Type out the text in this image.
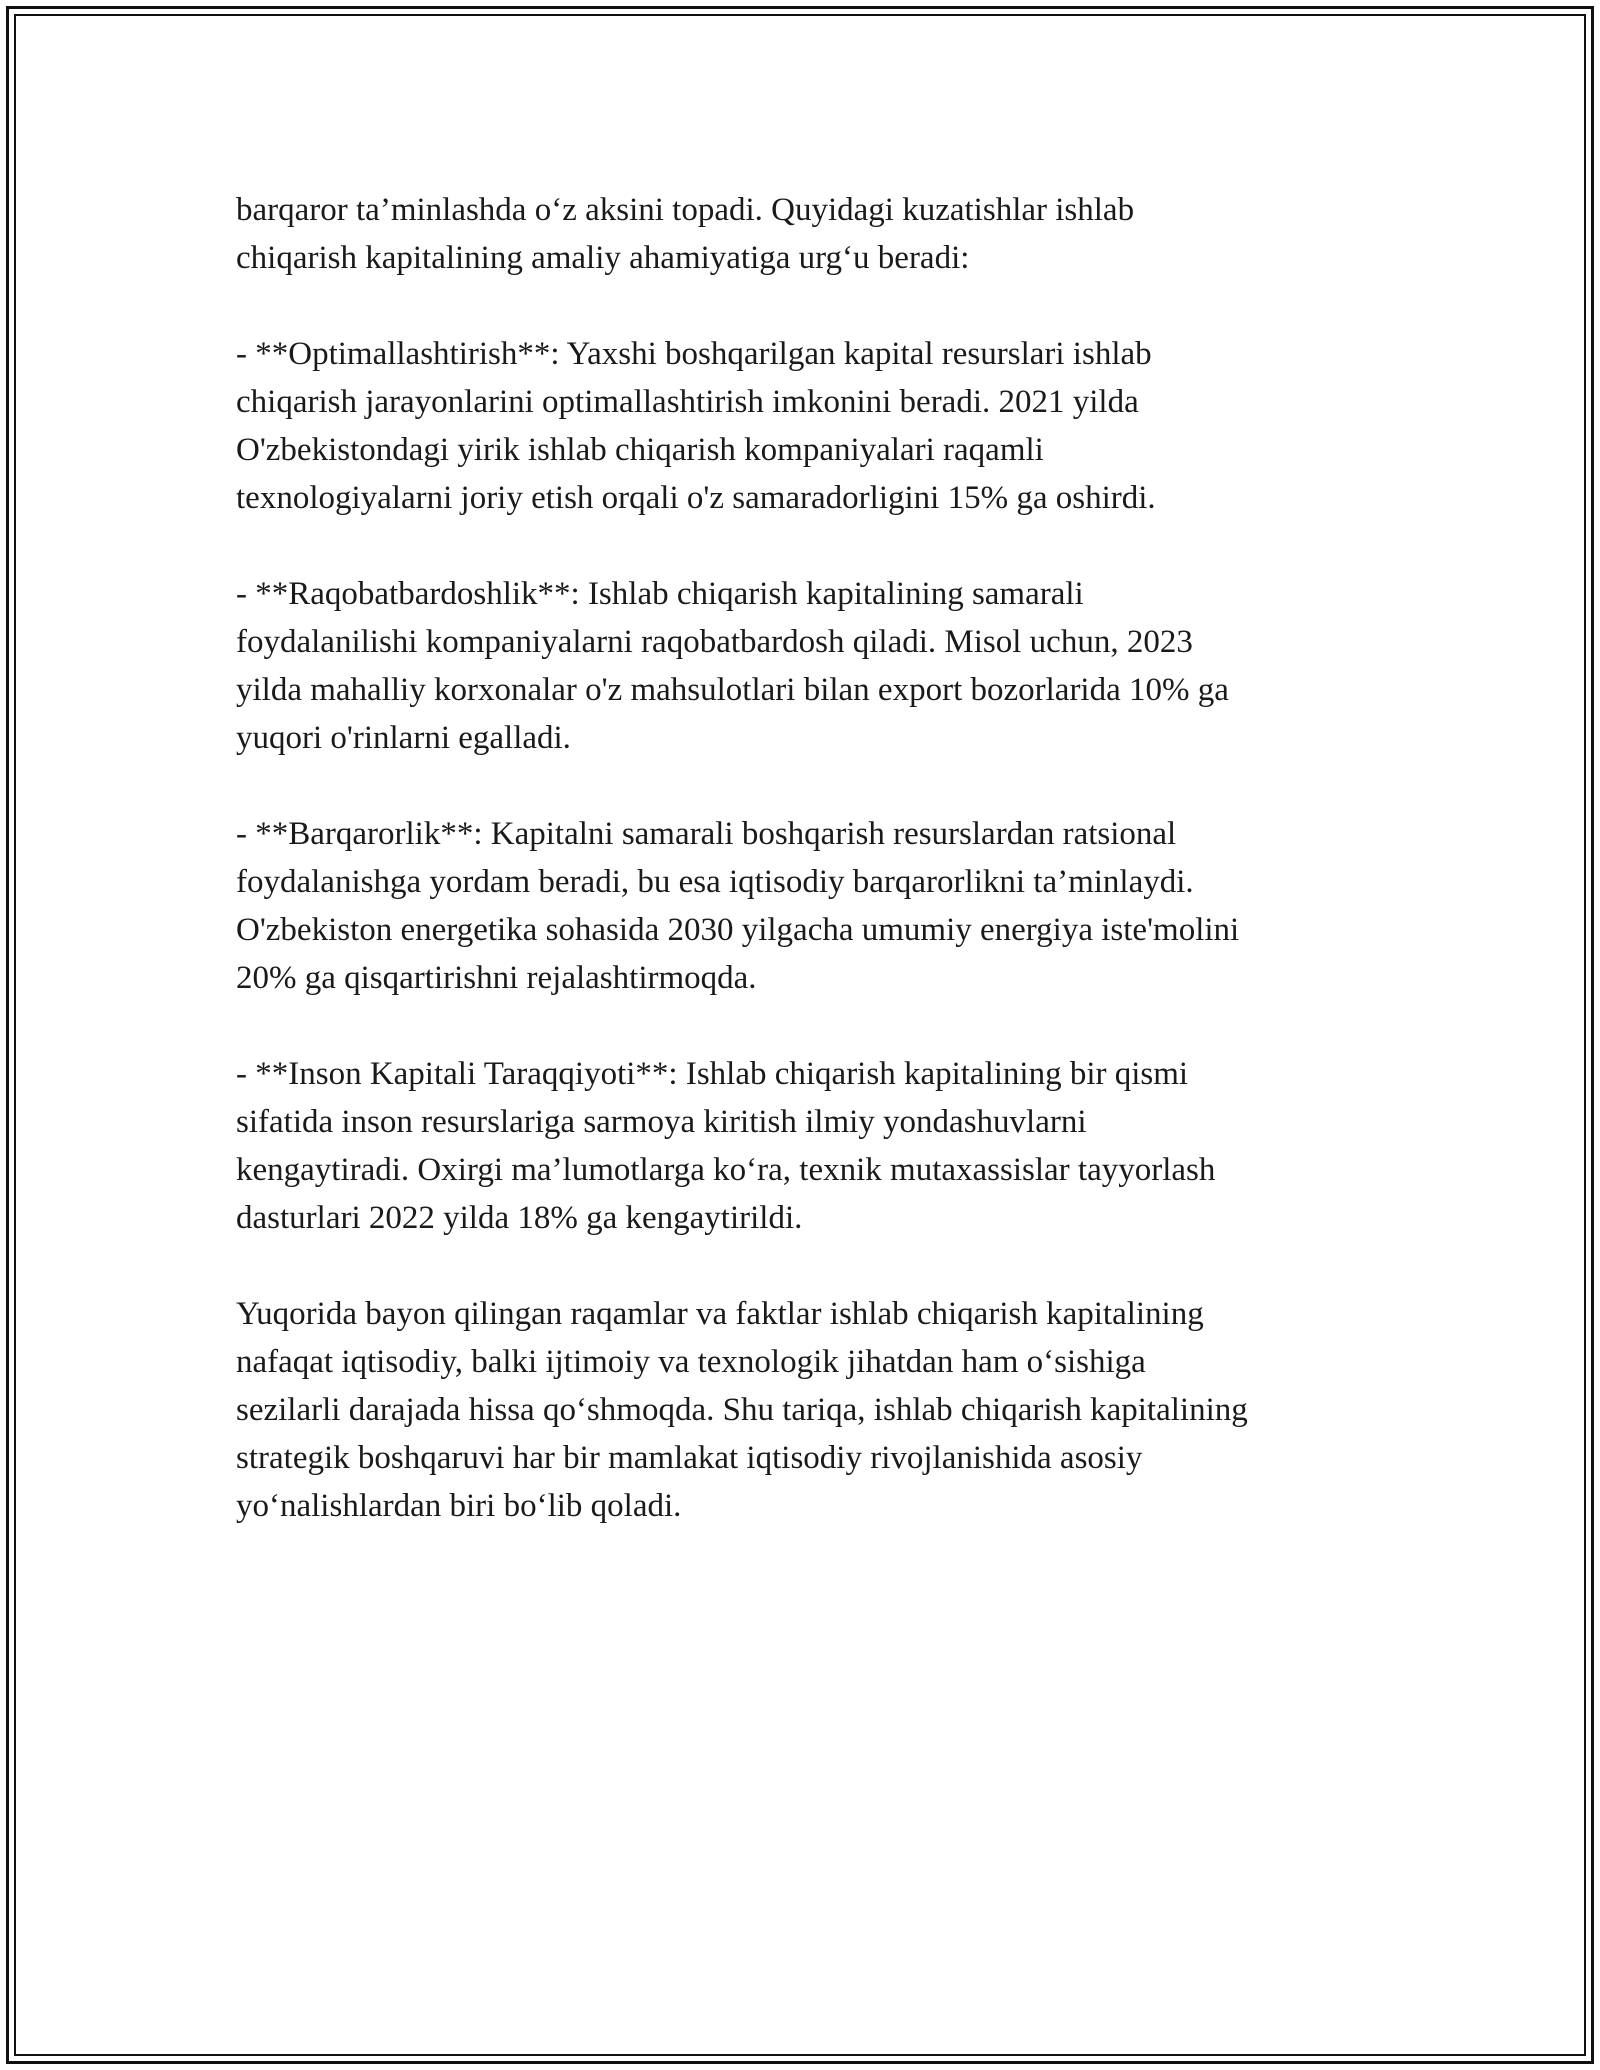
barqaror ta’minlashda o‘z aksini topadi. Quyidagi kuzatishlar ishlab
chiqarish kapitalining amaliy ahamiyatiga urg‘u beradi:

- **Optimallashtirish**: Yaxshi boshqarilgan kapital resurslari ishlab
chiqarish jarayonlarini optimallashtirish imkonini beradi. 2021 yilda
O'zbekistondagi yirik ishlab chiqarish kompaniyalari raqamli
texnologiyalarni joriy etish orqali o'z samaradorligini 15% ga oshirdi.

- **Raqobatbardoshlik**: Ishlab chiqarish kapitalining samarali
foydalanilishi kompaniyalarni raqobatbardosh qiladi. Misol uchun, 2023
yilda mahalliy korxonalar o'z mahsulotlari bilan export bozorlarida 10% ga
yuqori o'rinlarni egalladi.

- **Barqarorlik**: Kapitalni samarali boshqarish resurslardan ratsional
foydalanishga yordam beradi, bu esa iqtisodiy barqarorlikni ta’minlaydi.
O'zbekiston energetika sohasida 2030 yilgacha umumiy energiya iste'molini
20% ga qisqartirishni rejalashtirmoqda.

- **Inson Kapitali Taraqqiyoti**: Ishlab chiqarish kapitalining bir qismi
sifatida inson resurslariga sarmoya kiritish ilmiy yondashuvlarni
kengaytiradi. Oxirgi ma’lumotlarga ko‘ra, texnik mutaxassislar tayyorlash
dasturlari 2022 yilda 18% ga kengaytirildi.

Yuqorida bayon qilingan raqamlar va faktlar ishlab chiqarish kapitalining
nafaqat iqtisodiy, balki ijtimoiy va texnologik jihatdan ham o‘sishiga
sezilarli darajada hissa qo‘shmoqda. Shu tariqa, ishlab chiqarish kapitalining
strategik boshqaruvi har bir mamlakat iqtisodiy rivojlanishida asosiy
yo‘nalishlardan biri bo‘lib qoladi.
